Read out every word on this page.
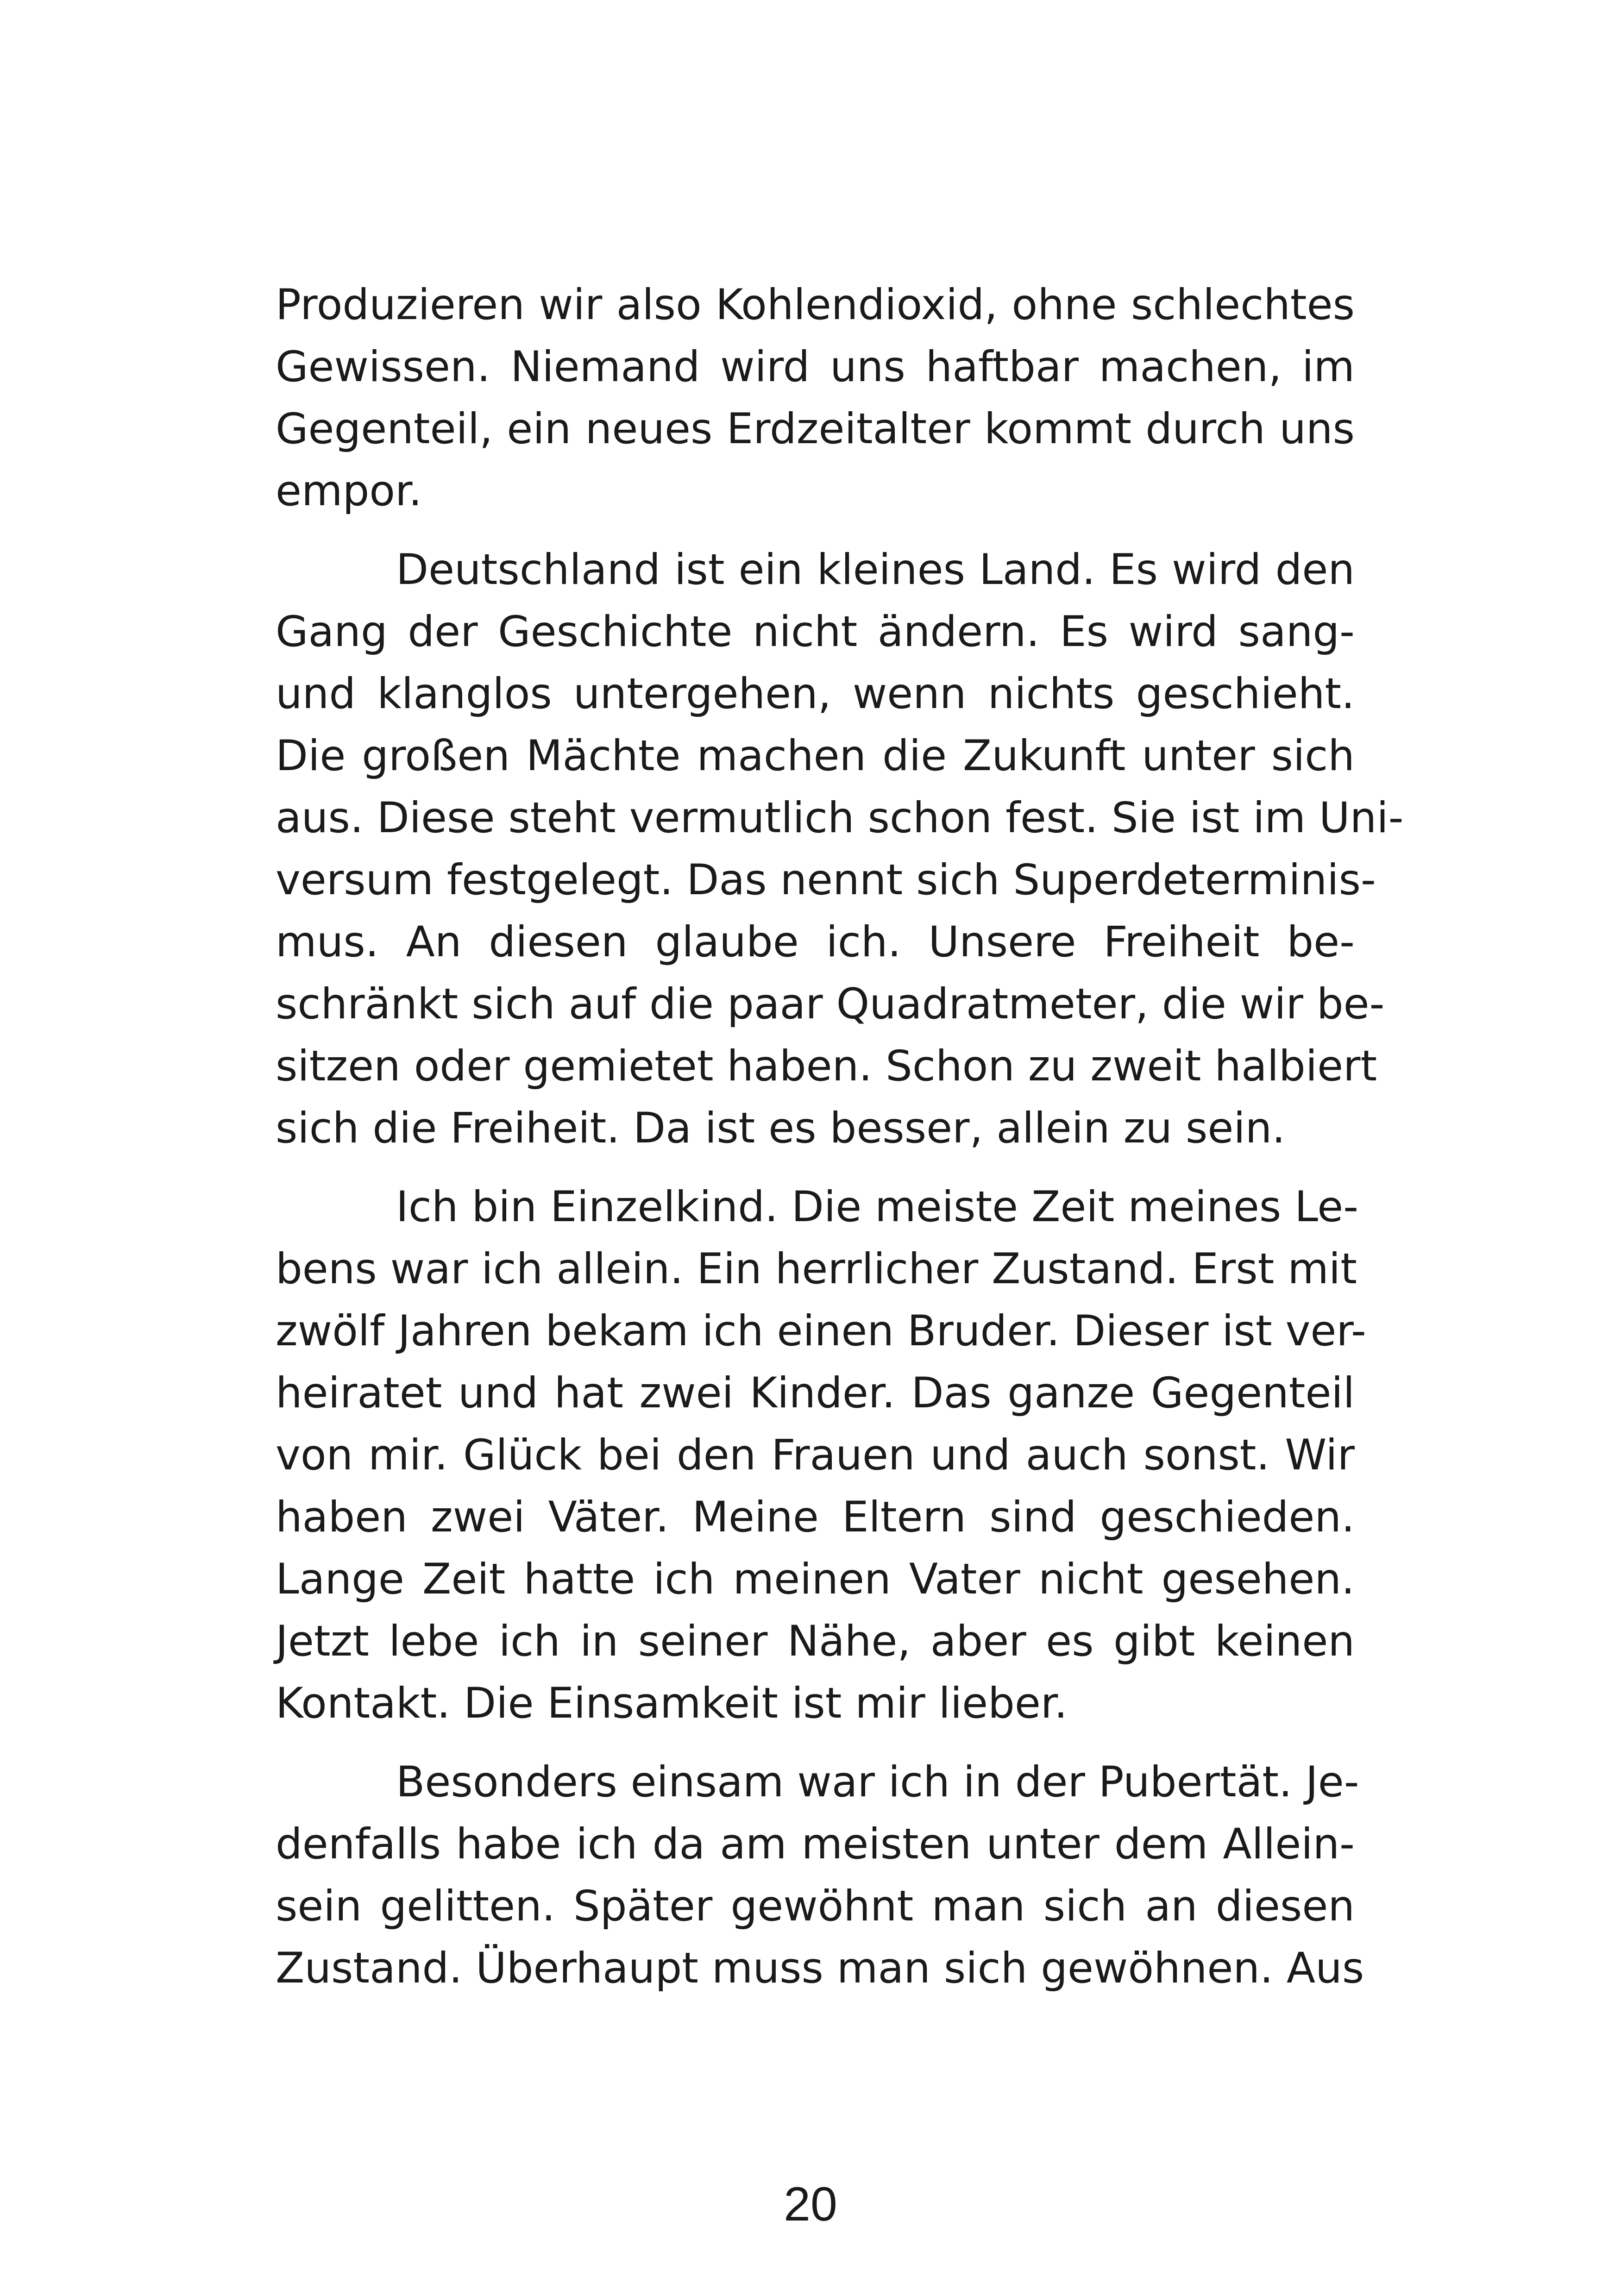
Produzieren wir also Kohlendioxid, ohne schlechtes
Gewissen. Niemand wird uns haftbar machen, im
Gegenteil, ein neues Erdzeitalter kommt durch uns
empor.
Deutschland ist ein kleines Land. Es wird den
Gang der Geschichte nicht ändern. Es wird sang-
und klanglos untergehen, wenn nichts geschieht.
Die großen Mächte machen die Zukunft unter sich
aus. Diese steht vermutlich schon fest. Sie ist im Uni-
versum festgelegt. Das nennt sich Superdeterminis-
mus. An diesen glaube ich. Unsere Freiheit be-
schränkt sich auf die paar Quadratmeter, die wir be-
sitzen oder gemietet haben. Schon zu zweit halbiert
sich die Freiheit. Da ist es besser, allein zu sein.
Ich bin Einzelkind. Die meiste Zeit meines Le-
bens war ich allein. Ein herrlicher Zustand. Erst mit
zwölf Jahren bekam ich einen Bruder. Dieser ist ver-
heiratet und hat zwei Kinder. Das ganze Gegenteil
von mir. Glück bei den Frauen und auch sonst. Wir
haben zwei Väter. Meine Eltern sind geschieden.
Lange Zeit hatte ich meinen Vater nicht gesehen.
Jetzt lebe ich in seiner Nähe, aber es gibt keinen
Kontakt. Die Einsamkeit ist mir lieber.
Besonders einsam war ich in der Pubertät. Je-
denfalls habe ich da am meisten unter dem Allein-
sein gelitten. Später gewöhnt man sich an diesen
Zustand. Überhaupt muss man sich gewöhnen. Aus
20
